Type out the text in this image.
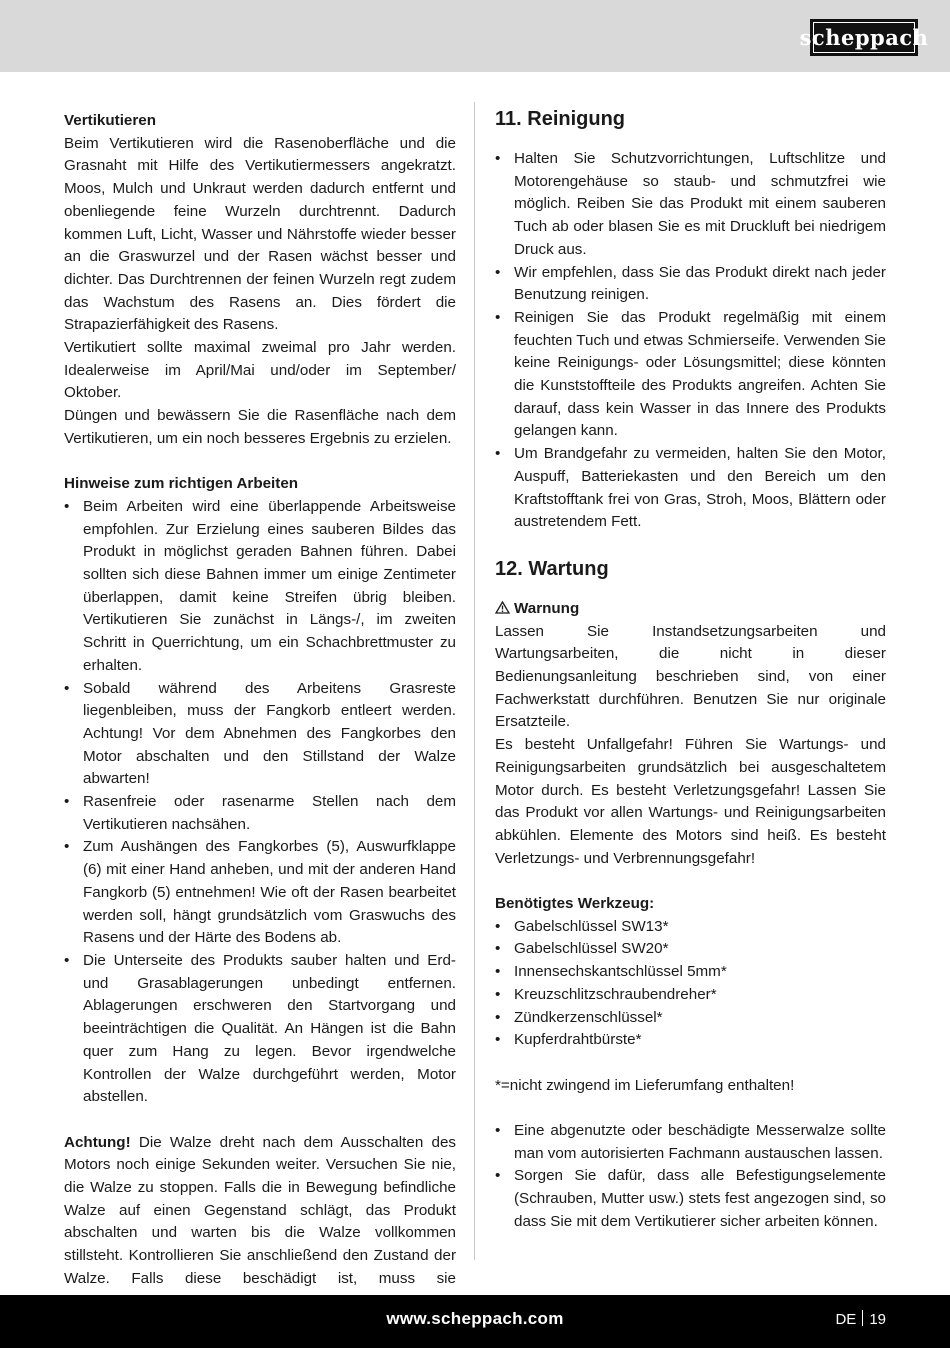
scheppach

Vertikutieren

Beim Vertikutieren wird die Rasenoberfläche und die Grasnaht mit Hilfe des Vertikutiermessers angekratzt. Moos, Mulch und Unkraut werden dadurch entfernt und obenliegende feine Wurzeln durchtrennt. Dadurch kommen Luft, Licht, Wasser und Nährstoffe wieder besser an die Graswurzel und der Rasen wächst besser und dichter. Das Durchtrennen der feinen Wurzeln regt zudem das Wachstum des Rasens an. Dies fördert die Strapazierfähigkeit des Rasens.

Vertikutiert sollte maximal zweimal pro Jahr werden. Idealerweise im April/Mai und/oder im September/ Oktober.

Düngen und bewässern Sie die Rasenfläche nach dem Vertikutieren, um ein noch besseres Ergebnis zu erzielen.

Hinweise zum richtigen Arbeiten

• Beim Arbeiten wird eine überlappende Arbeitsweise empfohlen. Zur Erzielung eines sauberen Bildes das Produkt in möglichst geraden Bahnen führen. Dabei sollten sich diese Bahnen immer um einige Zentimeter überlappen, damit keine Streifen übrig bleiben. Vertikutieren Sie zunächst in Längs-/, im zweiten Schritt in Querrichtung, um ein Schachbrettmuster zu erhalten.
• Sobald während des Arbeitens Grasreste liegenbleiben, muss der Fangkorb entleert werden. Achtung! Vor dem Abnehmen des Fangkorbes den Motor abschalten und den Stillstand der Walze abwarten!
• Rasenfreie oder rasenarme Stellen nach dem Vertikutieren nachsähen.
• Zum Aushängen des Fangkorbes (5), Auswurfklappe (6) mit einer Hand anheben, und mit der anderen Hand Fangkorb (5) entnehmen! Wie oft der Rasen bearbeitet werden soll, hängt grundsätzlich vom Graswuchs des Rasens und der Härte des Bodens ab.
• Die Unterseite des Produkts sauber halten und Erd- und Grasablagerungen unbedingt entfernen. Ablagerungen erschweren den Startvorgang und beeinträchtigen die Qualität. An Hängen ist die Bahn quer zum Hang zu legen. Bevor irgendwelche Kontrollen der Walze durchgeführt werden, Motor abstellen.

Achtung! Die Walze dreht nach dem Ausschalten des Motors noch einige Sekunden weiter. Versuchen Sie nie, die Walze zu stoppen. Falls die in Bewegung befindliche Walze auf einen Gegenstand schlägt, das Produkt abschalten und warten bis die Walze vollkommen stillsteht. Kontrollieren Sie anschließend den Zustand der Walze. Falls diese beschädigt ist, muss sie

11. Reinigung
• Halten Sie Schutzvorrichtungen, Luftschlitze und Motorengehäuse so staub- und schmutzfrei wie möglich. Reiben Sie das Produkt mit einem sauberen Tuch ab oder blasen Sie es mit Druckluft bei niedrigem Druck aus.
• Wir empfehlen, dass Sie das Produkt direkt nach jeder Benutzung reinigen.
• Reinigen Sie das Produkt regelmäßig mit einem feuchten Tuch und etwas Schmierseife. Verwenden Sie keine Reinigungs- oder Lösungsmittel; diese könnten die Kunststoffteile des Produkts angreifen. Achten Sie darauf, dass kein Wasser in das Innere des Produkts gelangen kann.
• Um Brandgefahr zu vermeiden, halten Sie den Motor, Auspuff, Batteriekasten und den Bereich um den Kraftstofftank frei von Gras, Stroh, Moos, Blättern oder austretendem Fett.
12. Wartung

Warnung

Lassen Sie Instandsetzungsarbeiten und Wartungsarbeiten, die nicht in dieser Bedienungsanleitung beschrieben sind, von einer Fachwerkstatt durchführen. Benutzen Sie nur originale Ersatzteile.

Es besteht Unfallgefahr! Führen Sie Wartungs- und Reinigungsarbeiten grundsätzlich bei ausgeschaltetem Motor durch. Es besteht Verletzungsgefahr! Lassen Sie das Produkt vor allen Wartungs- und Reinigungsarbeiten abkühlen. Elemente des Motors sind heiß. Es besteht Verletzungs- und Verbrennungsgefahr!

Benötigtes Werkzeug:

• Gabelschlüssel SW13*
• Gabelschlüssel SW20*
• Innensechskantschlüssel 5mm*
• Kreuzschlitzschraubendreher*
• Zündkerzenschlüssel*
• Kupferdrahtbürste*

*=nicht zwingend im Lieferumfang enthalten!

• Eine abgenutzte oder beschädigte Messerwalze sollte man vom autorisierten Fachmann austauschen lassen.
• Sorgen Sie dafür, dass alle Befestigungselemente (Schrauben, Mutter usw.) stets fest angezogen sind, so dass Sie mit dem Vertikutierer sicher arbeiten können.
www.scheppach.com	DE 19
